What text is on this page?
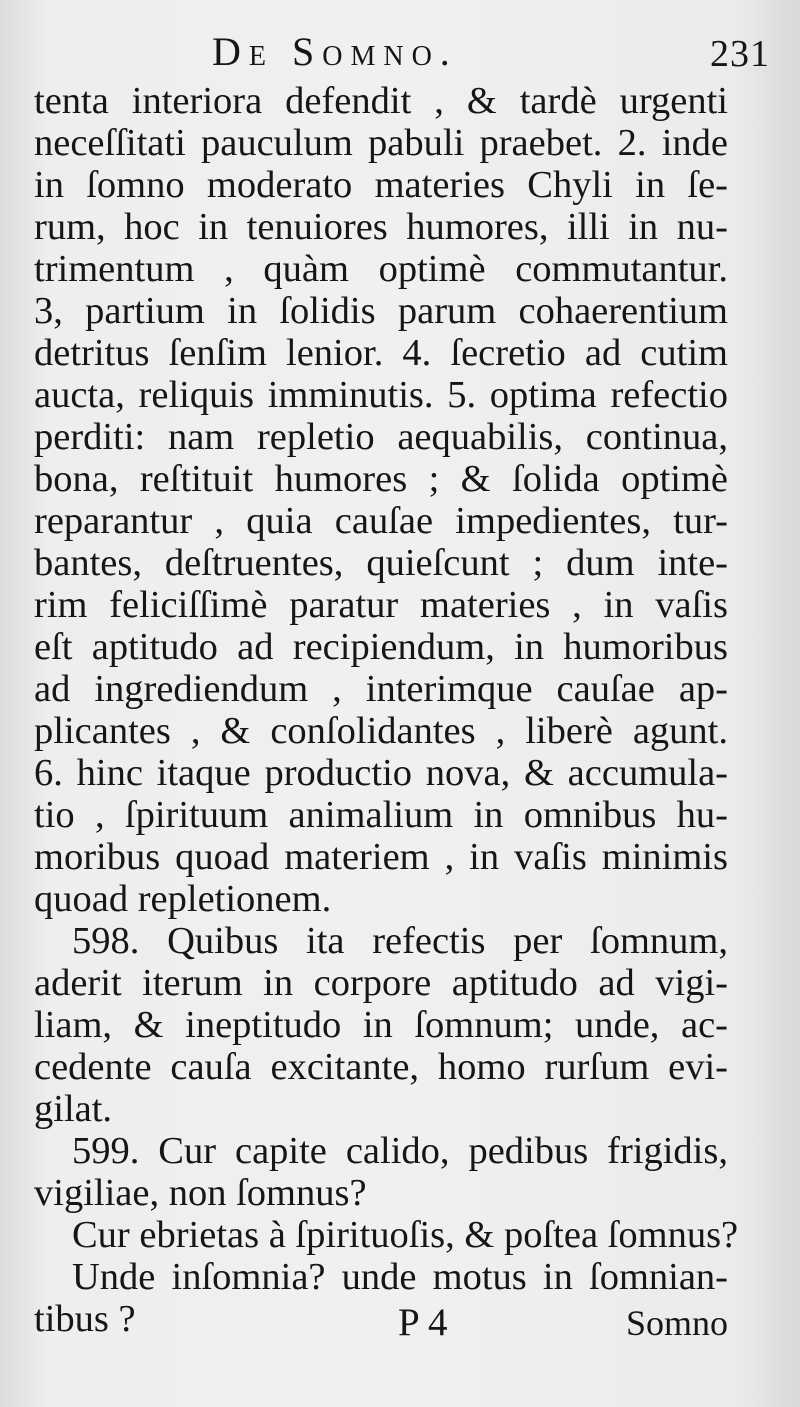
De Somno.	231
tenta interiora defendit , & tardè urgenti
neceſſitati pauculum pabuli praebet. 2. inde
in ſomno moderato materies Chyli in ſe-
rum, hoc in tenuiores humores, illi in nu-
trimentum , quàm optimè commutantur.
3, partium in ſolidis parum cohaerentium
detritus ſenſim lenior. 4. ſecretio ad cutim
aucta, reliquis imminutis. 5. optima refectio
perditi: nam repletio aequabilis, continua,
bona, reſtituit humores ; & ſolida optimè
reparantur , quia cauſae impedientes, tur-
bantes, deſtruentes, quieſcunt ; dum inte-
rim feliciſſimè paratur materies , in vaſis
eſt aptitudo ad recipiendum, in humoribus
ad ingrediendum , interimque cauſae ap-
plicantes , & conſolidantes , liberè agunt.
6. hinc itaque productio nova, & accumula-
tio , ſpirituum animalium in omnibus hu-
moribus quoad materiem , in vaſis minimis
quoad repletionem.
598. Quibus ita refectis per ſomnum,
aderit iterum in corpore aptitudo ad vigi-
liam, & ineptitudo in ſomnum; unde, ac-
cedente cauſa excitante, homo rurſum evi-
gilat.
599. Cur capite calido, pedibus frigidis,
vigiliae, non ſomnus?
Cur ebrietas à ſpirituoſis, & poſtea ſomnus?
Unde inſomnia? unde motus in ſomnian-
tibus ?	P 4	Somno
